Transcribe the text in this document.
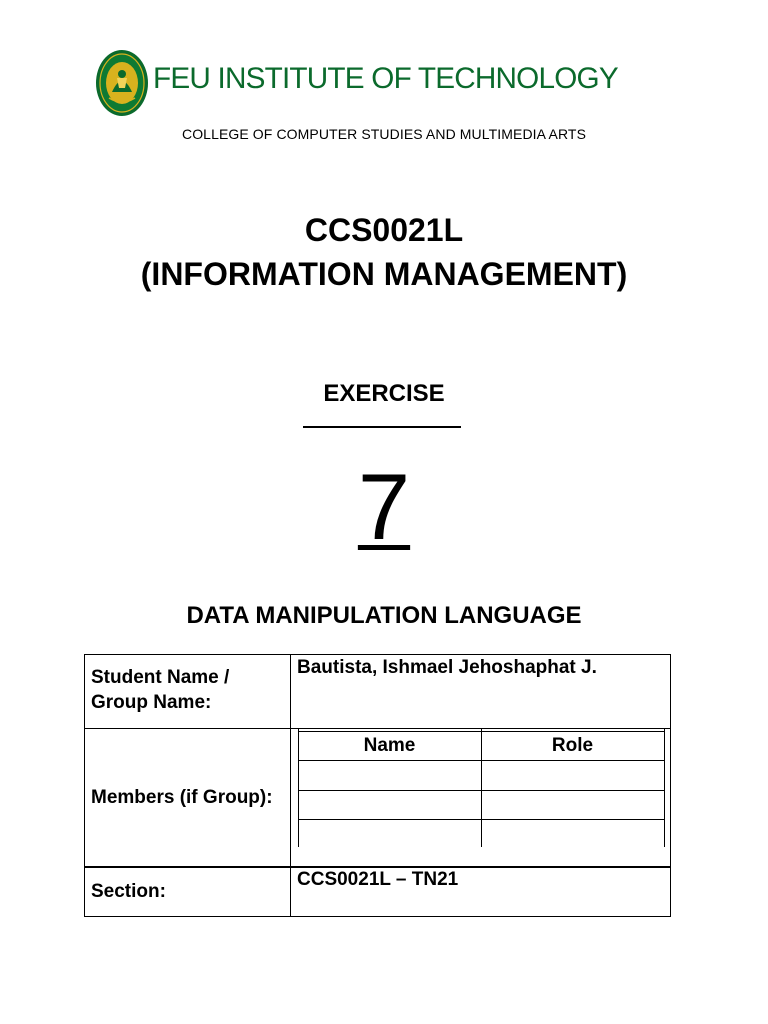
FEU INSTITUTE OF TECHNOLOGY
COLLEGE OF COMPUTER STUDIES AND MULTIMEDIA ARTS
CCS0021L
(INFORMATION MANAGEMENT)
EXERCISE
7
DATA MANIPULATION LANGUAGE
Student Name / Group Name:
Bautista, Ishmael Jehoshaphat J.
Members (if Group):
Name	Role
Section:
CCS0021L – TN21
